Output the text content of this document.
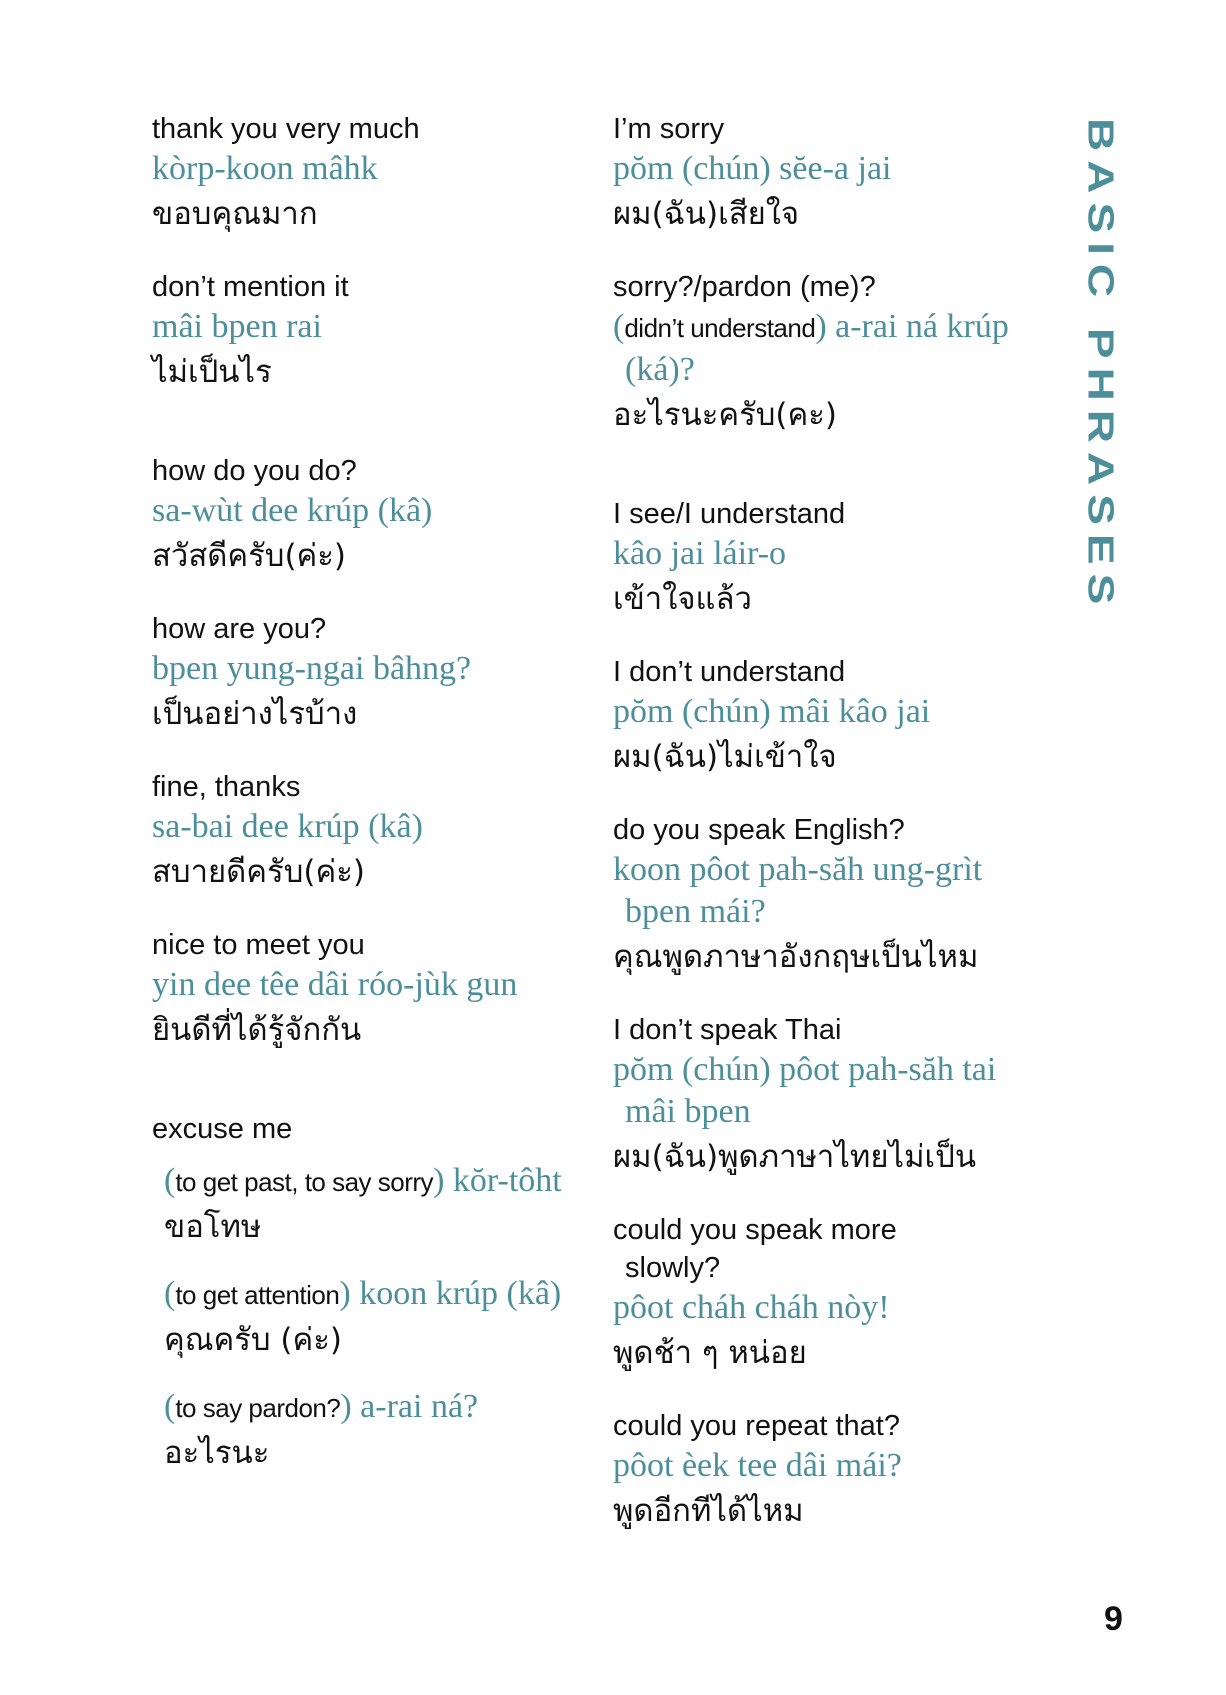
thank you very much
kòrp-koon mâhk
ขอบคุณมาก
don’t mention it
mâi bpen rai
ไม่เป็นไร
how do you do?
sa-wùt dee krúp (kâ)
สวัสดีครับ(ค่ะ)
how are you?
bpen yung-ngai bâhng?
เป็นอย่างไรบ้าง
fine, thanks
sa-bai dee krúp (kâ)
สบายดีครับ(ค่ะ)
nice to meet you
yin dee têe dâi róo-jùk gun
ยินดีที่ได้รู้จักกัน
excuse me
(to get past, to say sorry) kŏr-tôht
ขอโทษ
(to get attention) koon krúp (kâ)
คุณครับ (ค่ะ)
(to say pardon?) a-rai ná?
อะไรนะ
I’m sorry
pŏm (chún) sĕe-a jai
ผม(ฉัน)เสียใจ
sorry?/pardon (me)?
(didn’t understand) a-rai ná krúp
(ká)?
อะไรนะครับ(คะ)
I see/I understand
kâo jai láir-o
เข้าใจแล้ว
I don’t understand
pŏm (chún) mâi kâo jai
ผม(ฉัน)ไม่เข้าใจ
do you speak English?
koon pôot pah-săh ung-grìt
bpen mái?
คุณพูดภาษาอังกฤษเป็นไหม
I don’t speak Thai
pŏm (chún) pôot pah-săh tai
mâi bpen
ผม(ฉัน)พูดภาษาไทยไม่เป็น
could you speak more
slowly?
pôot cháh cháh nòy!
พูดช้า ๆ หน่อย
could you repeat that?
pôot èek tee dâi mái?
พูดอีกทีได้ไหม
BASIC PHRASES
9
